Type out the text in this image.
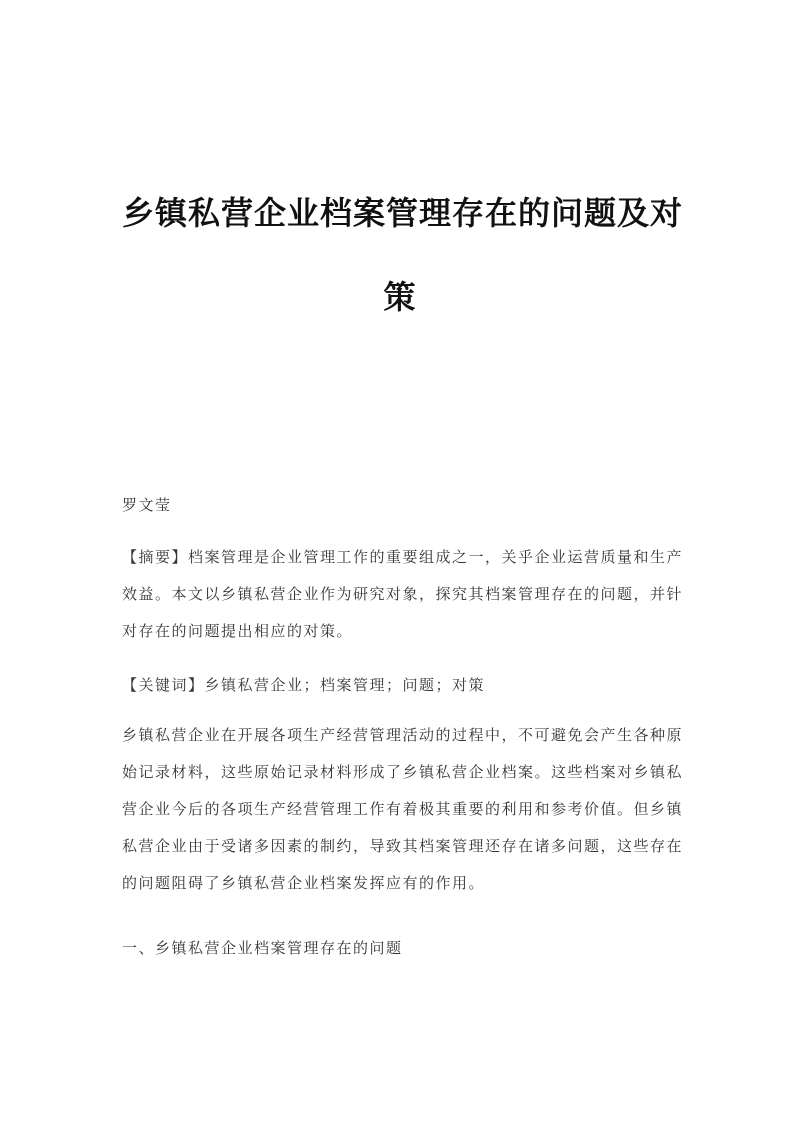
乡镇私营企业档案管理存在的问题及对
策

罗文莹

【摘要】档案管理是企业管理工作的重要组成之一，关乎企业运营质量和生产
效益。本文以乡镇私营企业作为研究对象，探究其档案管理存在的问题，并针
对存在的问题提出相应的对策。

【关键词】乡镇私营企业；档案管理；问题；对策

乡镇私营企业在开展各项生产经营管理活动的过程中，不可避免会产生各种原
始记录材料，这些原始记录材料形成了乡镇私营企业档案。这些档案对乡镇私
营企业今后的各项生产经营管理工作有着极其重要的利用和参考价值。但乡镇
私营企业由于受诸多因素的制约，导致其档案管理还存在诸多问题，这些存在
的问题阻碍了乡镇私营企业档案发挥应有的作用。

一、乡镇私营企业档案管理存在的问题
